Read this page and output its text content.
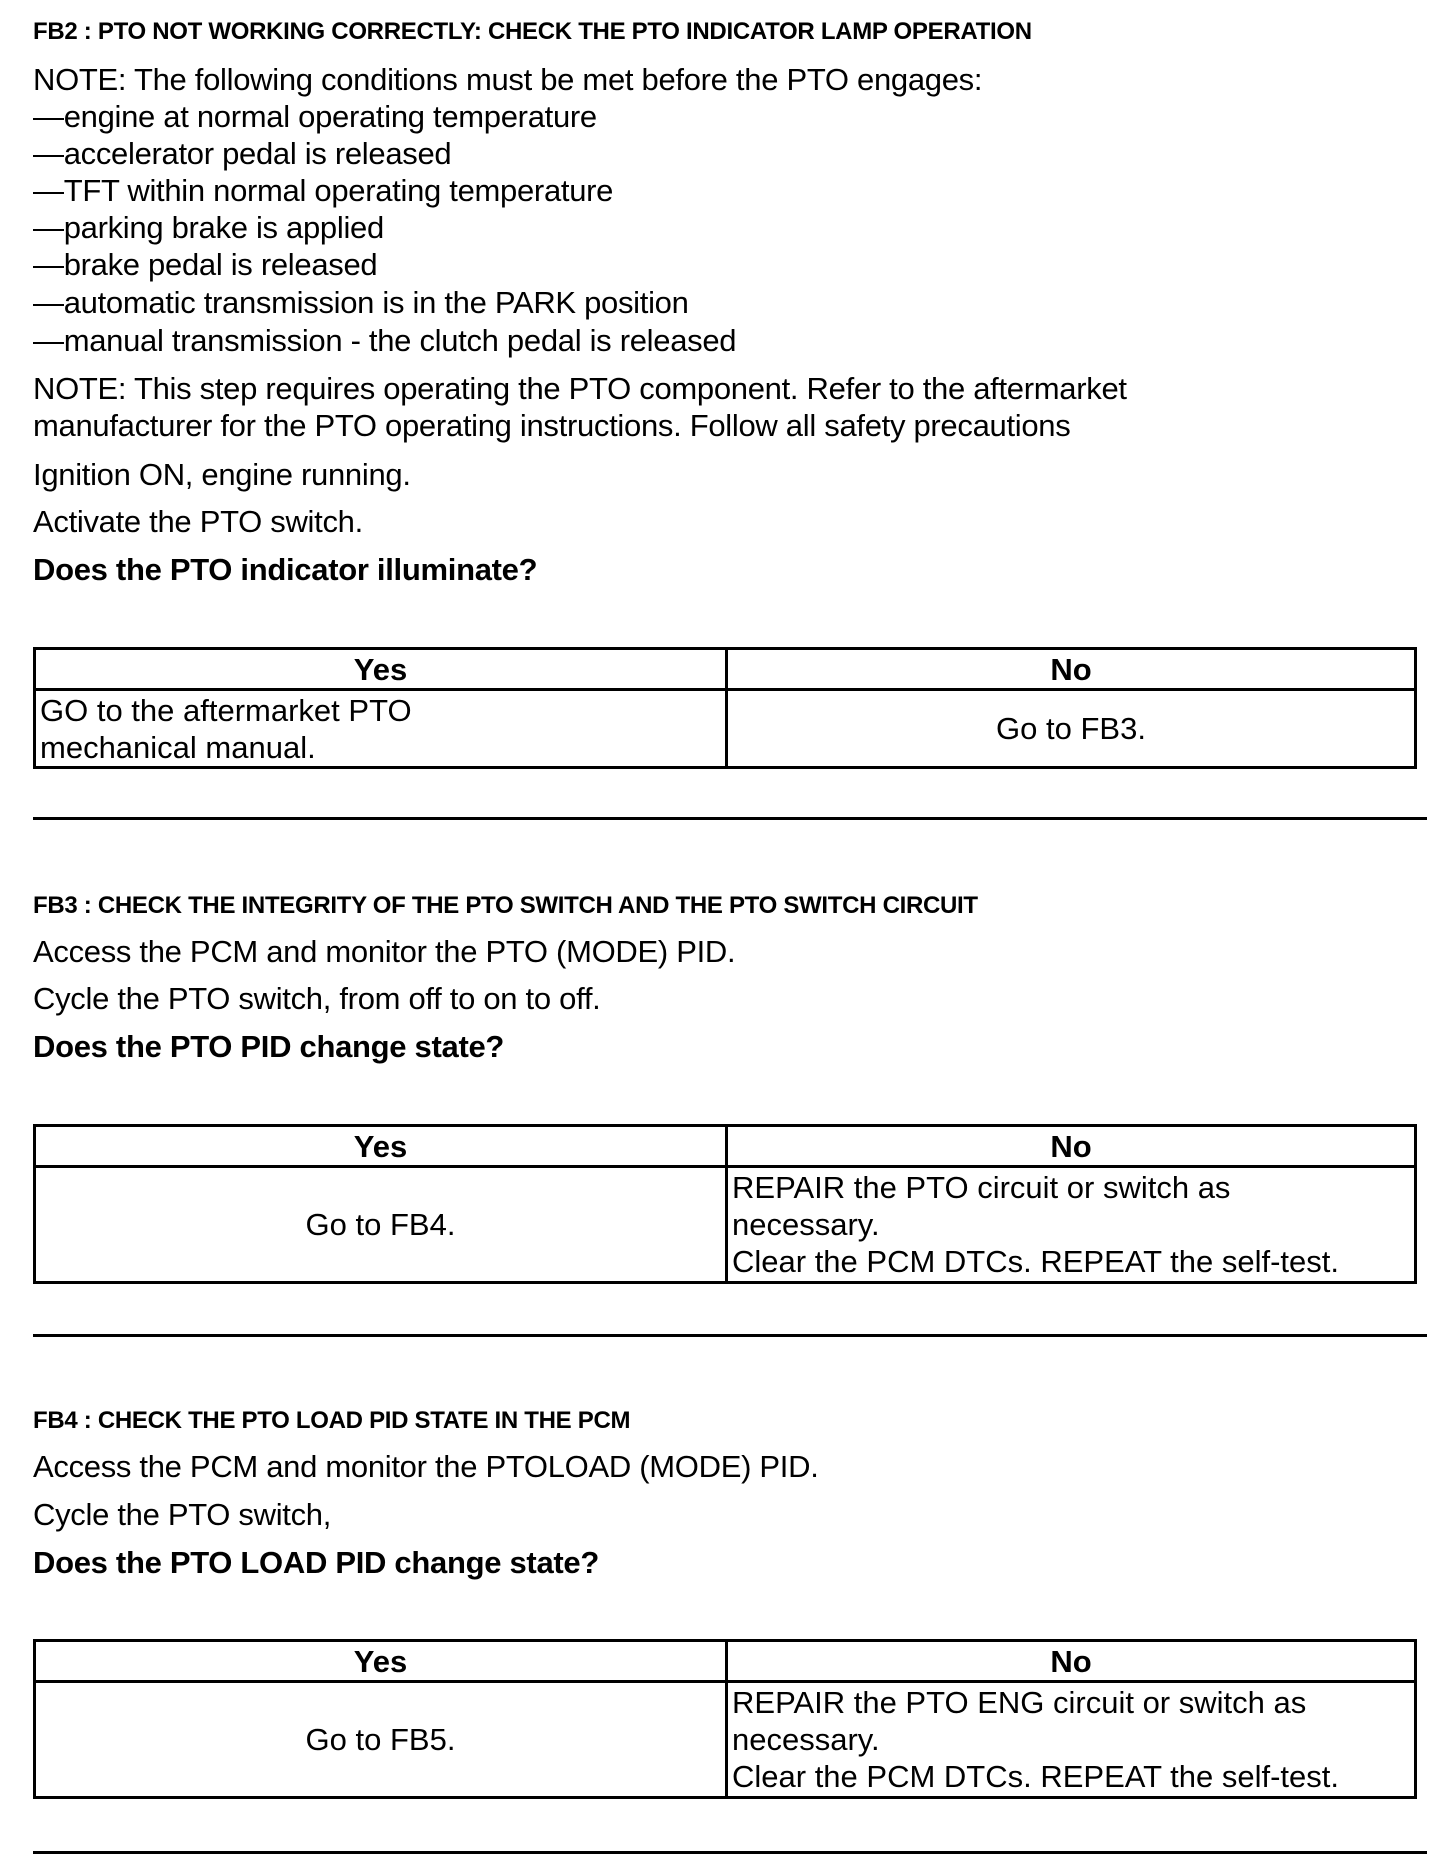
FB2 : PTO NOT WORKING CORRECTLY: CHECK THE PTO INDICATOR LAMP OPERATION
NOTE: The following conditions must be met before the PTO engages:
—engine at normal operating temperature
—accelerator pedal is released
—TFT within normal operating temperature
—parking brake is applied
—brake pedal is released
—automatic transmission is in the PARK position
—manual transmission - the clutch pedal is released
NOTE: This step requires operating the PTO component. Refer to the aftermarket
manufacturer for the PTO operating instructions. Follow all safety precautions
Ignition ON, engine running.
Activate the PTO switch.
Does the PTO indicator illuminate?
Yes	No
GO to the aftermarket PTO mechanical manual.	Go to FB3.
FB3 : CHECK THE INTEGRITY OF THE PTO SWITCH AND THE PTO SWITCH CIRCUIT
Access the PCM and monitor the PTO (MODE) PID.
Cycle the PTO switch, from off to on to off.
Does the PTO PID change state?
Yes	No
Go to FB4.	REPAIR the PTO circuit or switch as necessary.
Clear the PCM DTCs. REPEAT the self-test.
FB4 : CHECK THE PTO LOAD PID STATE IN THE PCM
Access the PCM and monitor the PTOLOAD (MODE) PID.
Cycle the PTO switch,
Does the PTO LOAD PID change state?
Yes	No
Go to FB5.	REPAIR the PTO ENG circuit or switch as necessary.
Clear the PCM DTCs. REPEAT the self-test.
